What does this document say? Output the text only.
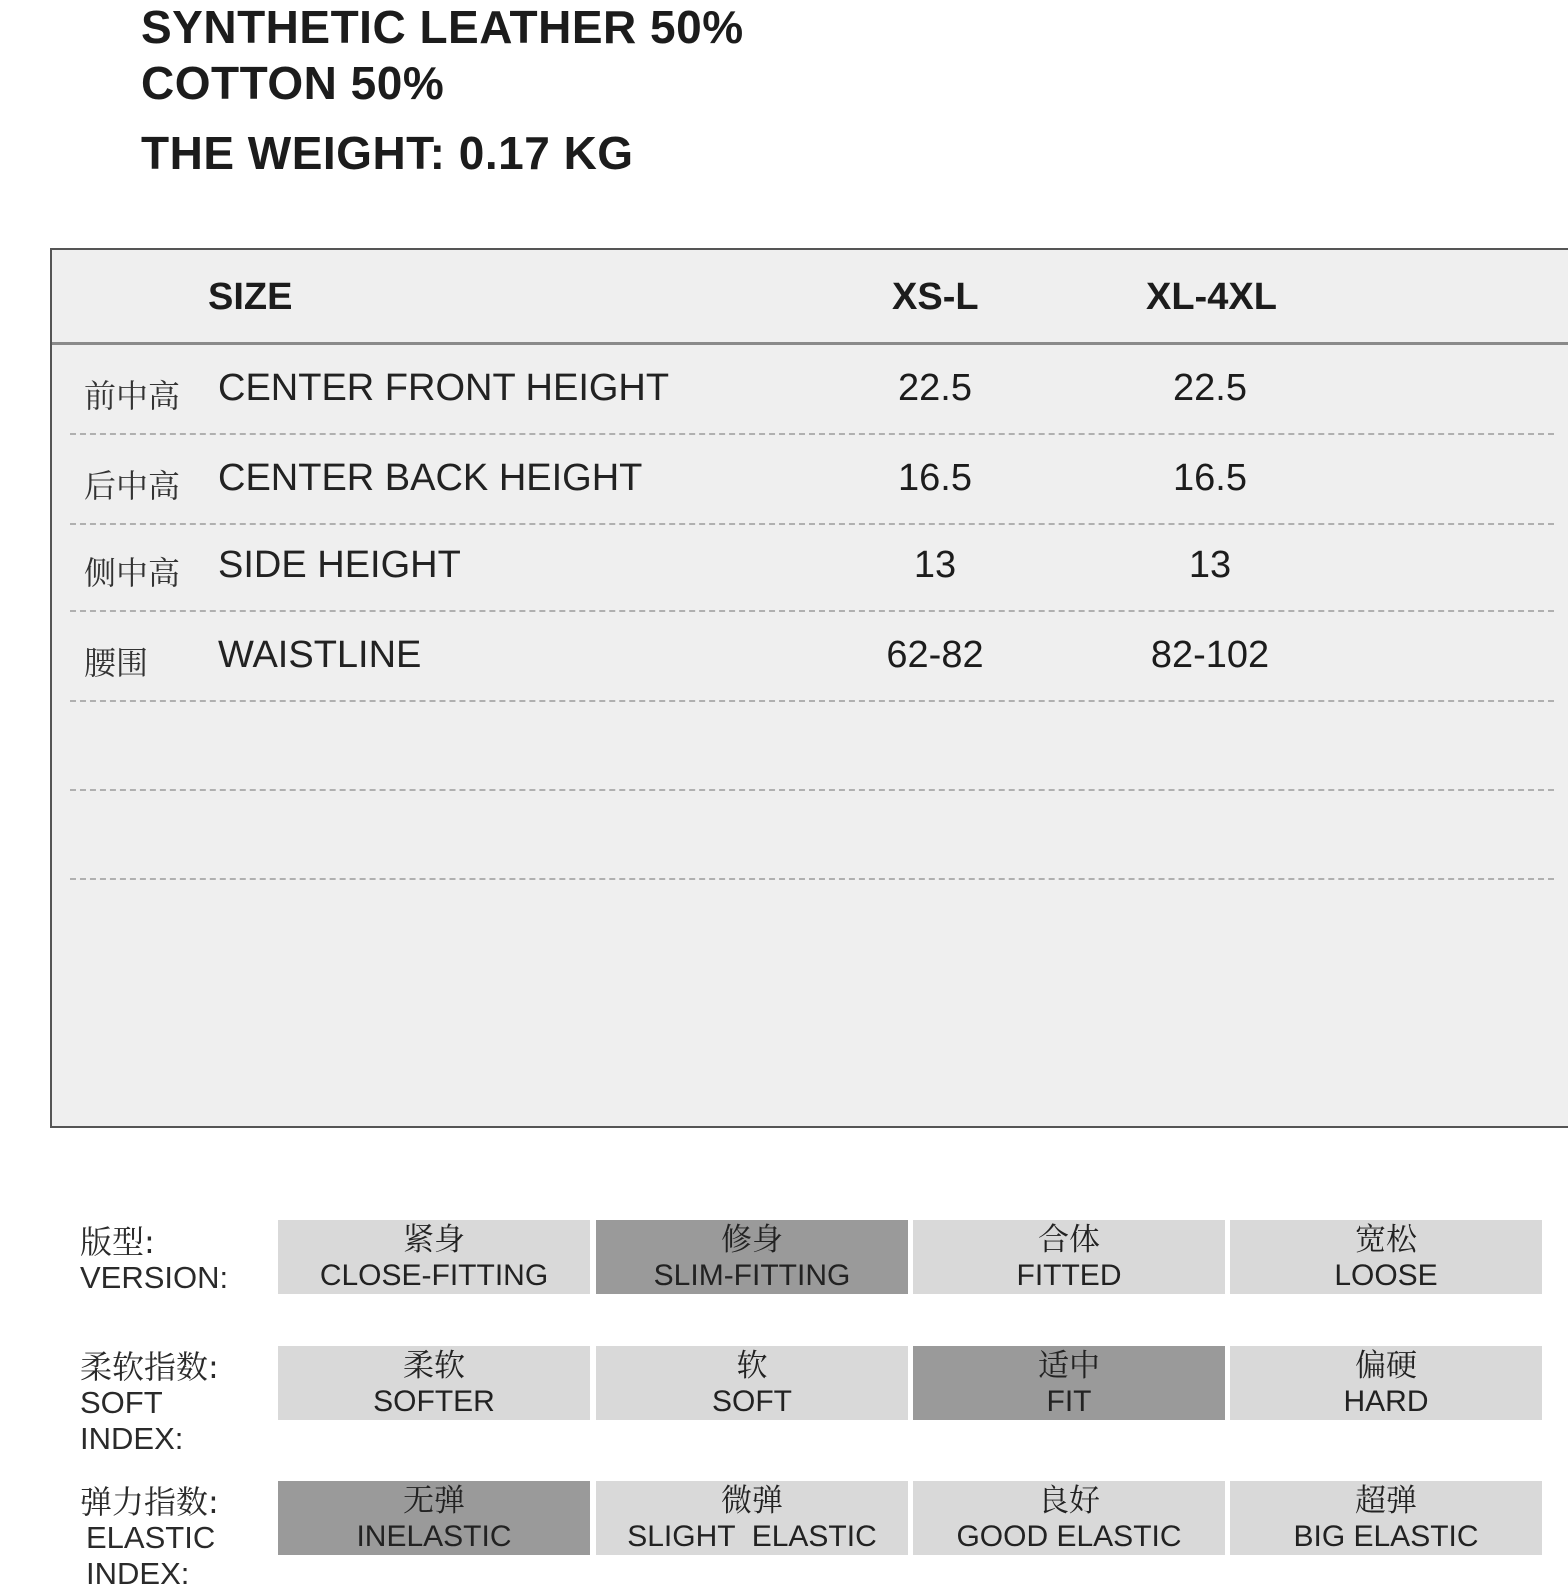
SYNTHETIC LEATHER 50%
COTTON 50%
THE WEIGHT: 0.17 KG
SIZE	XS-L	XL-4XL
前中高 CENTER FRONT HEIGHT	22.5	22.5
后中高 CENTER BACK HEIGHT	16.5	16.5
侧中高 SIDE HEIGHT	13	13
腰围 WAISTLINE	62-82	82-102
版型:
VERSION:
紧身
CLOSE-FITTING
修身
SLIM-FITTING
合体
FITTED
宽松
LOOSE
柔软指数:
SOFT
INDEX:
柔软
SOFTER
软
SOFT
适中
FIT
偏硬
HARD
弹力指数:
ELASTIC
INDEX:
无弹
INELASTIC
微弹
SLIGHT  ELASTIC
良好
GOOD ELASTIC
超弹
BIG ELASTIC
